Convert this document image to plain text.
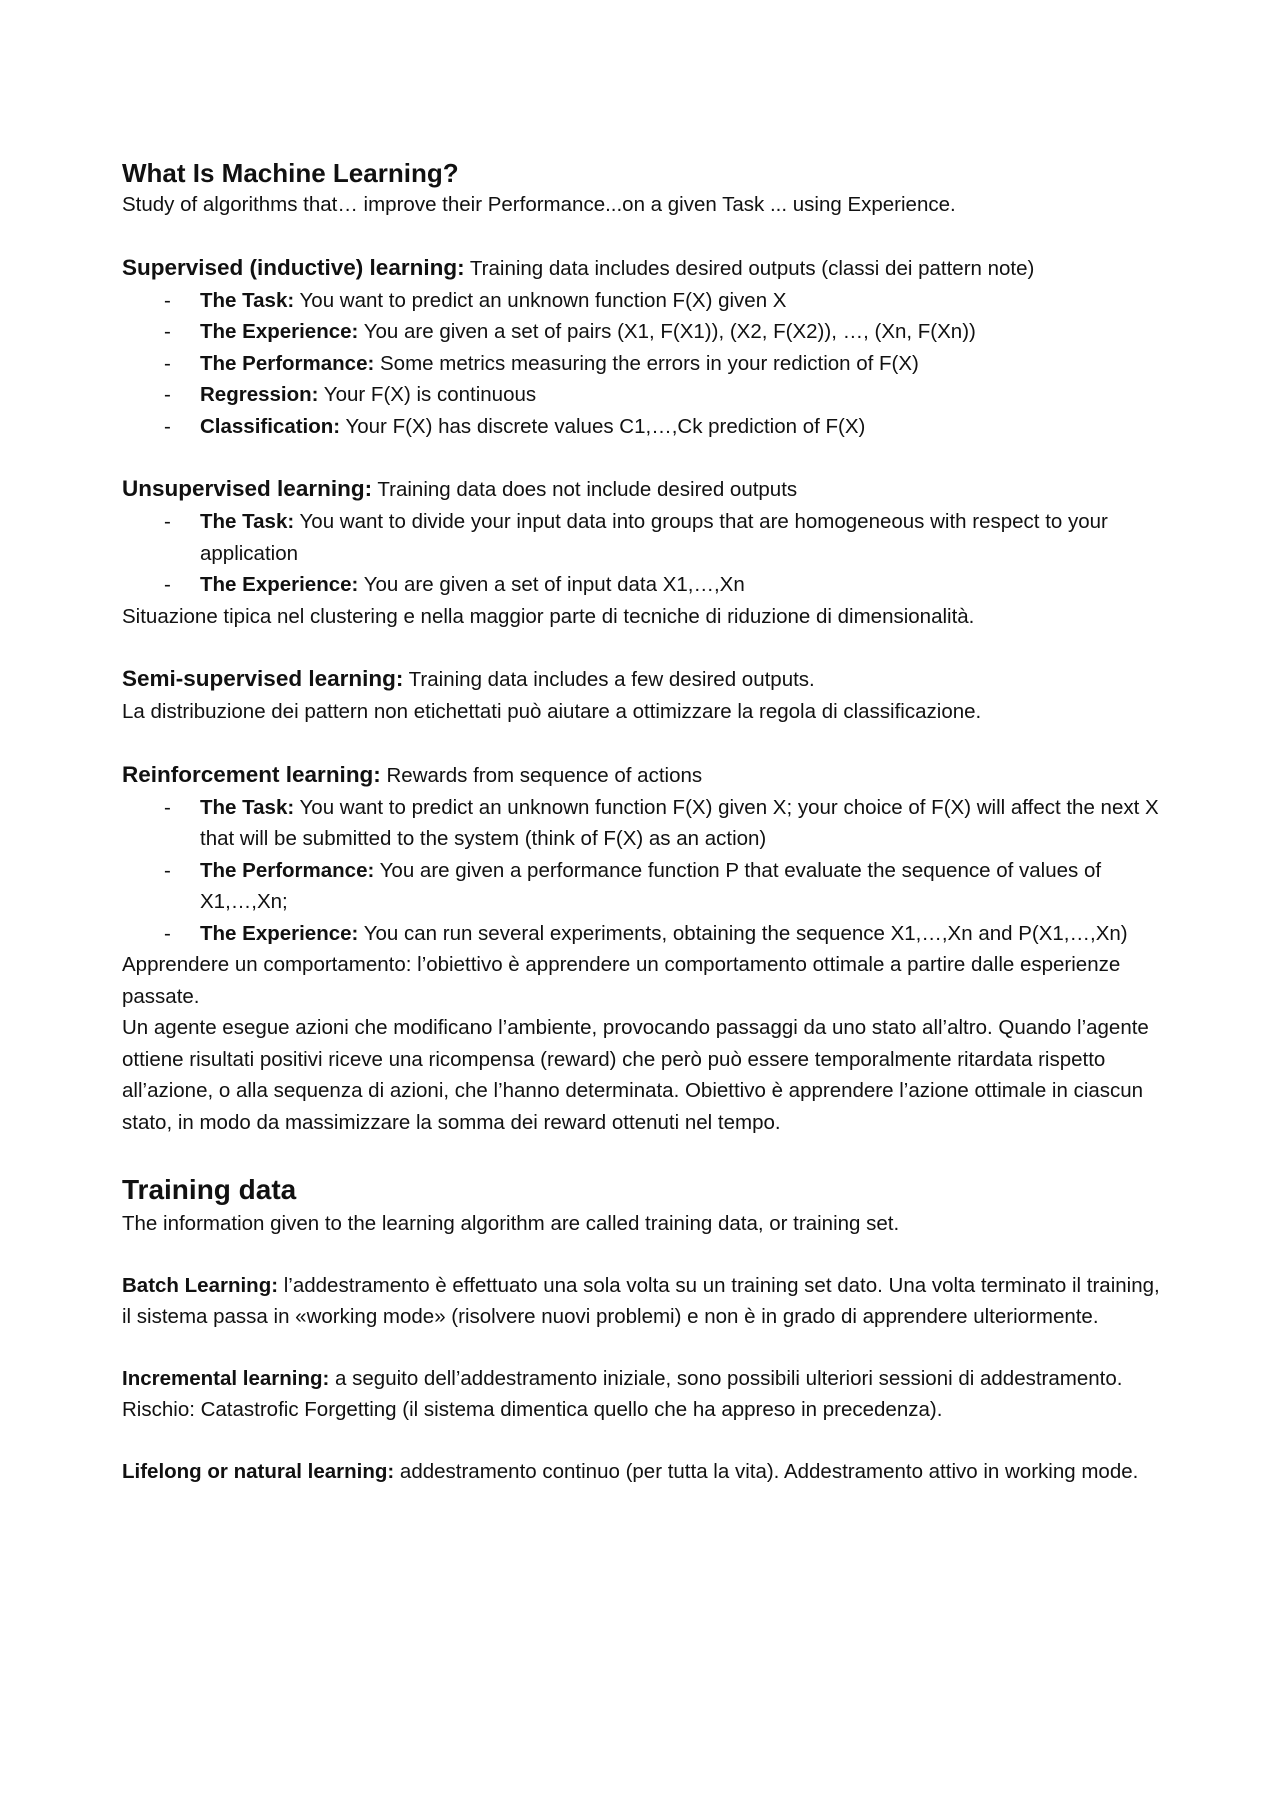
What Is Machine Learning?

Study of algorithms that… improve their Performance...on a given Task ... using Experience.

Supervised (inductive) learning: Training data includes desired outputs (classi dei pattern note)

- The Task: You want to predict an unknown function F(X) given X
- The Experience: You are given a set of pairs (X1, F(X1)), (X2, F(X2)), …, (Xn, F(Xn))
- The Performance: Some metrics measuring the errors in your rediction of F(X)
- Regression: Your F(X) is continuous
- Classification: Your F(X) has discrete values C1,…,Ck prediction of F(X)

Unsupervised learning: Training data does not include desired outputs

- The Task: You want to divide your input data into groups that are homogeneous with respect to your application
- The Experience: You are given a set of input data X1,…,Xn

Situazione tipica nel clustering e nella maggior parte di tecniche di riduzione di dimensionalità.

Semi-supervised learning: Training data includes a few desired outputs.

La distribuzione dei pattern non etichettati può aiutare a ottimizzare la regola di classificazione.

Reinforcement learning: Rewards from sequence of actions

- The Task: You want to predict an unknown function F(X) given X; your choice of F(X) will affect the next X that will be submitted to the system (think of F(X) as an action)
- The Performance: You are given a performance function P that evaluate the sequence of values of X1,…,Xn;
- The Experience: You can run several experiments, obtaining the sequence X1,…,Xn and P(X1,…,Xn)

Apprendere un comportamento: l’obiettivo è apprendere un comportamento ottimale a partire dalle esperienze passate.

Un agente esegue azioni che modificano l’ambiente, provocando passaggi da uno stato all’altro. Quando l’agente ottiene risultati positivi riceve una ricompensa (reward) che però può essere temporalmente ritardata rispetto all’azione, o alla sequenza di azioni, che l’hanno determinata. Obiettivo è apprendere l’azione ottimale in ciascun stato, in modo da massimizzare la somma dei reward ottenuti nel tempo.

Training data

The information given to the learning algorithm are called training data, or training set.

Batch Learning: l’addestramento è effettuato una sola volta su un training set dato. Una volta terminato il training, il sistema passa in «working mode» (risolvere nuovi problemi) e non è in grado di apprendere ulteriormente.

Incremental learning: a seguito dell’addestramento iniziale, sono possibili ulteriori sessioni di addestramento. Rischio: Catastrofic Forgetting (il sistema dimentica quello che ha appreso in precedenza).

Lifelong or natural learning: addestramento continuo (per tutta la vita). Addestramento attivo in working mode.
